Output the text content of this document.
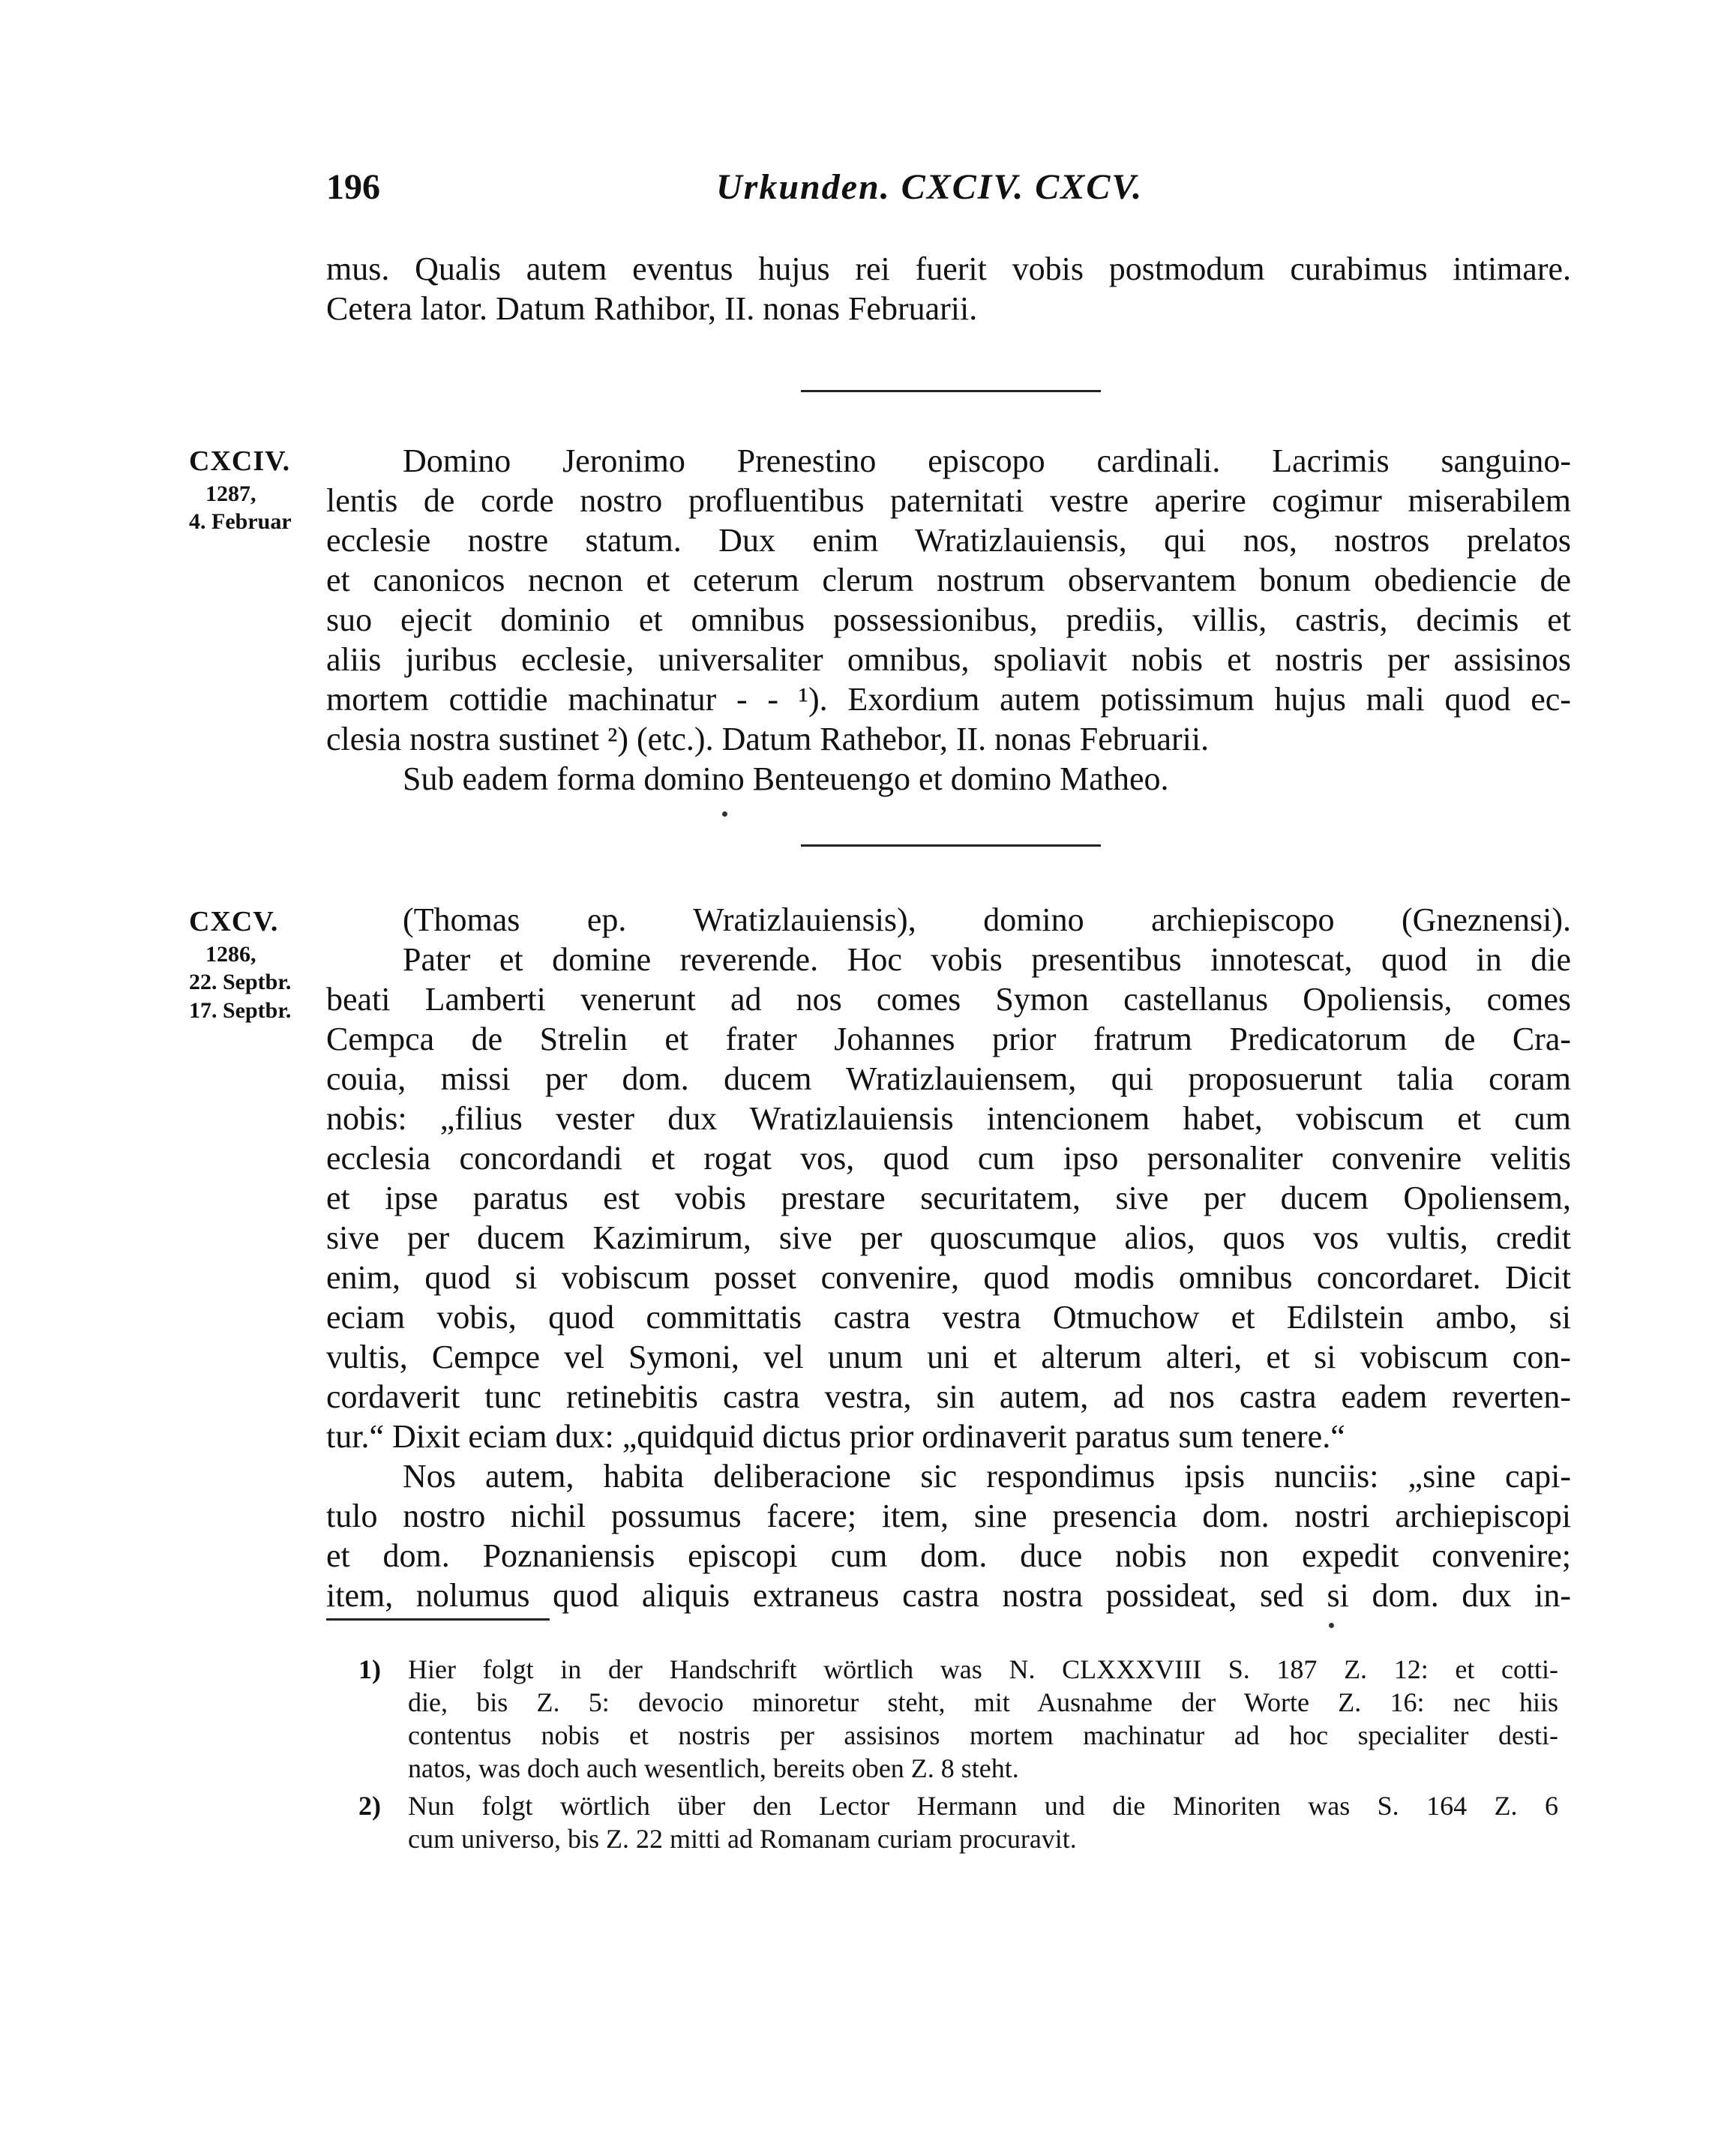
196	Urkunden. CXCIV. CXCV.
mus. Qualis autem eventus hujus rei fuerit vobis postmodum curabimus intimare.
Cetera lator. Datum Rathibor, II. nonas Februarii.
CXCIV.
1287,
4. Februar
Domino Jeronimo Prenestino episcopo cardinali. Lacrimis sanguino-
lentis de corde nostro profluentibus paternitati vestre aperire cogimur miserabilem
ecclesie nostre statum. Dux enim Wratizlauiensis, qui nos, nostros prelatos
et canonicos necnon et ceterum clerum nostrum observantem bonum obediencie de
suo ejecit dominio et omnibus possessionibus, prediis, villis, castris, decimis et
aliis juribus ecclesie, universaliter omnibus, spoliavit nobis et nostris per assisinos
mortem cottidie machinatur - - ¹). Exordium autem potissimum hujus mali quod ec-
clesia nostra sustinet ²) (etc.). Datum Rathebor, II. nonas Februarii.
Sub eadem forma domino Benteuengo et domino Matheo.
CXCV.
1286,
22. Septbr.
17. Septbr.
(Thomas ep. Wratizlauiensis), domino archiepiscopo (Gneznensi).
Pater et domine reverende. Hoc vobis presentibus innotescat, quod in die
beati Lamberti venerunt ad nos comes Symon castellanus Opoliensis, comes
Cempca de Strelin et frater Johannes prior fratrum Predicatorum de Cra-
couia, missi per dom. ducem Wratizlauiensem, qui proposuerunt talia coram
nobis: „filius vester dux Wratizlauiensis intencionem habet, vobiscum et cum
ecclesia concordandi et rogat vos, quod cum ipso personaliter convenire velitis
et ipse paratus est vobis prestare securitatem, sive per ducem Opoliensem,
sive per ducem Kazimirum, sive per quoscumque alios, quos vos vultis, credit
enim, quod si vobiscum posset convenire, quod modis omnibus concordaret. Dicit
eciam vobis, quod committatis castra vestra Otmuchow et Edilstein ambo, si
vultis, Cempce vel Symoni, vel unum uni et alterum alteri, et si vobiscum con-
cordaverit tunc retinebitis castra vestra, sin autem, ad nos castra eadem reverten-
tur.“ Dixit eciam dux: „quidquid dictus prior ordinaverit paratus sum tenere.“
Nos autem, habita deliberacione sic respondimus ipsis nunciis: „sine capi-
tulo nostro nichil possumus facere; item, sine presencia dom. nostri archiepiscopi
et dom. Poznaniensis episcopi cum dom. duce nobis non expedit convenire;
item, nolumus quod aliquis extraneus castra nostra possideat, sed si dom. dux in-
1) Hier folgt in der Handschrift wörtlich was N. CLXXXVIII S. 187 Z. 12: et cotti-
die, bis Z. 5: devocio minoretur steht, mit Ausnahme der Worte Z. 16: nec hiis
contentus nobis et nostris per assisinos mortem machinatur ad hoc specialiter desti-
natos, was doch auch wesentlich, bereits oben Z. 8 steht.
2) Nun folgt wörtlich über den Lector Hermann und die Minoriten was S. 164 Z. 6
cum universo, bis Z. 22 mitti ad Romanam curiam procuravit.
